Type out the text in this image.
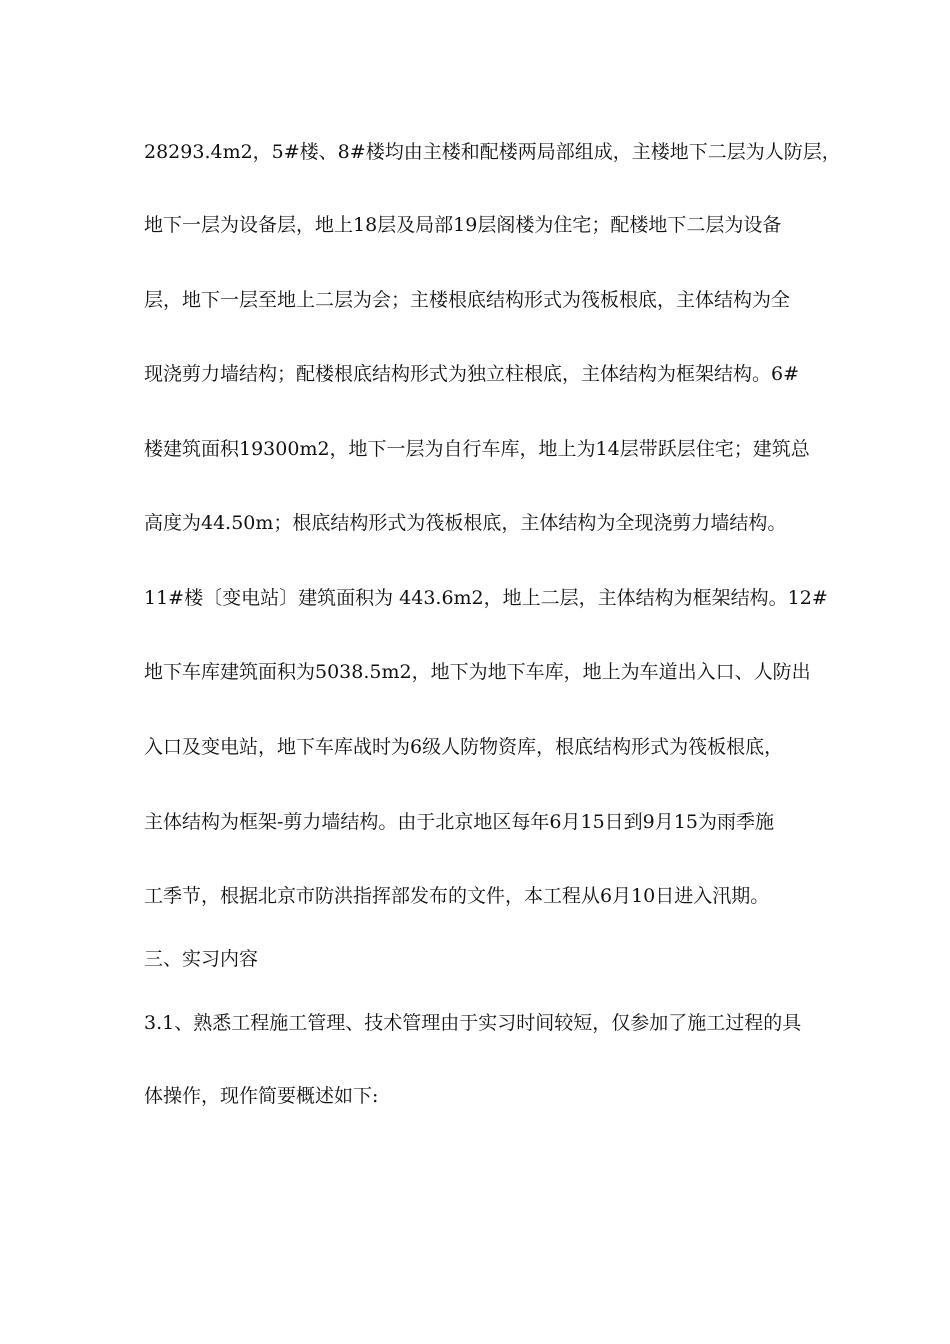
28293.4m2，5#楼、8#楼均由主楼和配楼两局部组成，主楼地下二层为人防层，
地下一层为设备层，地上18层及局部19层阁楼为住宅；配楼地下二层为设备
层，地下一层至地上二层为会；主楼根底结构形式为筏板根底，主体结构为全
现浇剪力墙结构；配楼根底结构形式为独立柱根底，主体结构为框架结构。6#
楼建筑面积19300m2，地下一层为自行车库，地上为14层带跃层住宅；建筑总
高度为44.50m；根底结构形式为筏板根底，主体结构为全现浇剪力墙结构。
11#楼〔变电站〕建筑面积为 443.6m2，地上二层，主体结构为框架结构。12#
地下车库建筑面积为5038.5m2，地下为地下车库，地上为车道出入口、人防出
入口及变电站，地下车库战时为6级人防物资库，根底结构形式为筏板根底，
主体结构为框架-剪力墙结构。由于北京地区每年6月15日到9月15为雨季施
工季节，根据北京市防洪指挥部发布的文件，本工程从6月10日进入汛期。
三、实习内容
3.1、熟悉工程施工管理、技术管理由于实习时间较短，仅参加了施工过程的具
体操作，现作简要概述如下:
